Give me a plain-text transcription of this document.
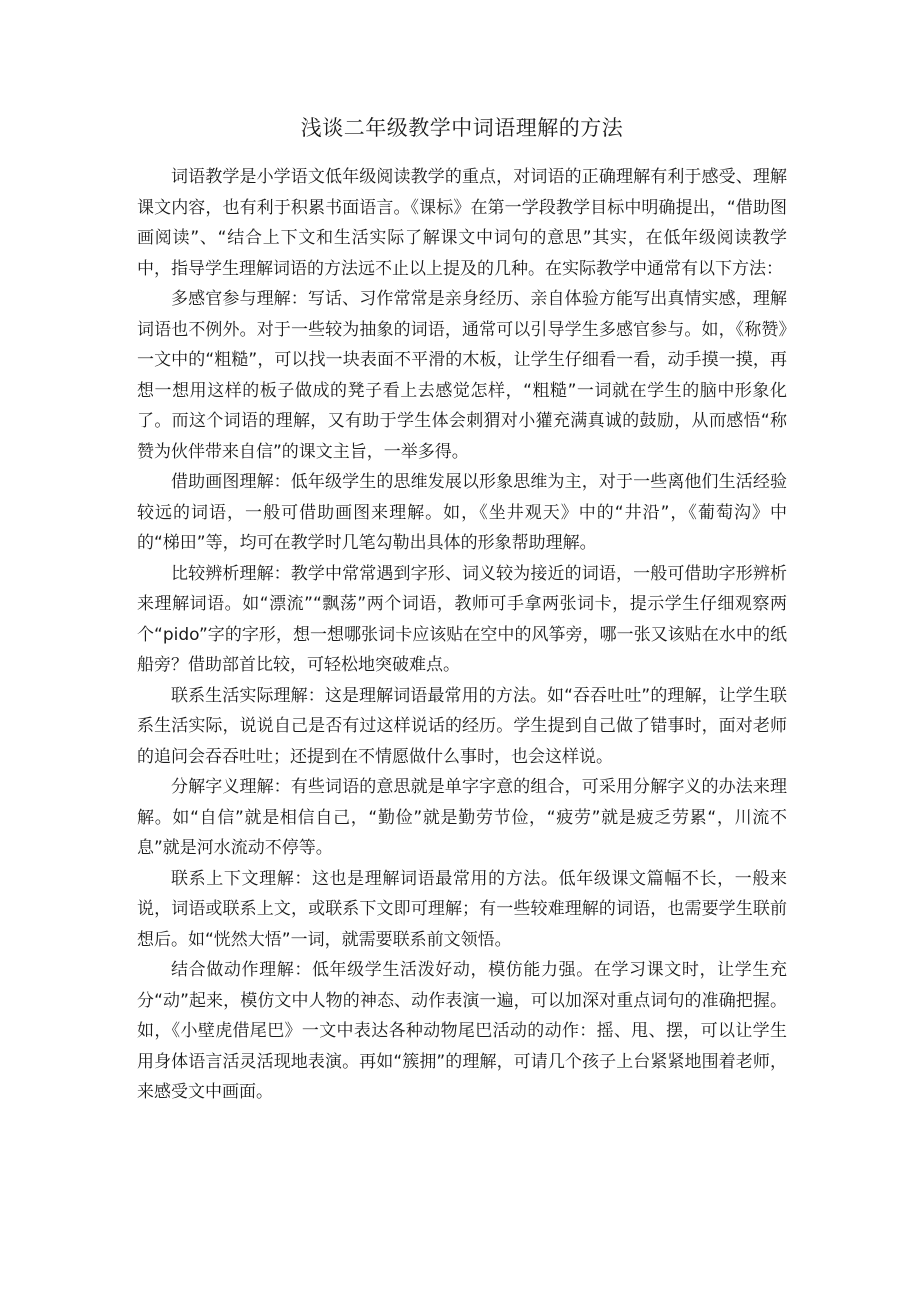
浅谈二年级教学中词语理解的方法

词语教学是小学语文低年级阅读教学的重点，对词语的正确理解有利于感受、理解课文内容，也有利于积累书面语言。《课标》在第一学段教学目标中明确提出，“借助图画阅读”、“结合上下文和生活实际了解课文中词句的意思”其实，在低年级阅读教学中，指导学生理解词语的方法远不止以上提及的几种。在实际教学中通常有以下方法：

多感官参与理解：写话、习作常常是亲身经历、亲自体验方能写出真情实感，理解词语也不例外。对于一些较为抽象的词语，通常可以引导学生多感官参与。如，《称赞》一文中的“粗糙”，可以找一块表面不平滑的木板，让学生仔细看一看，动手摸一摸，再想一想用这样的板子做成的凳子看上去感觉怎样，“粗糙”一词就在学生的脑中形象化了。而这个词语的理解，又有助于学生体会刺猬对小獾充满真诚的鼓励，从而感悟“称赞为伙伴带来自信”的课文主旨，一举多得。

借助画图理解：低年级学生的思维发展以形象思维为主，对于一些离他们生活经验较远的词语，一般可借助画图来理解。如，《坐井观天》中的“井沿”，《葡萄沟》中的“梯田”等，均可在教学时几笔勾勒出具体的形象帮助理解。

比较辨析理解：教学中常常遇到字形、词义较为接近的词语，一般可借助字形辨析来理解词语。如“漂流”“飘荡”两个词语，教师可手拿两张词卡，提示学生仔细观察两个“pido”字的字形，想一想哪张词卡应该贴在空中的风筝旁，哪一张又该贴在水中的纸船旁？借助部首比较，可轻松地突破难点。

联系生活实际理解：这是理解词语最常用的方法。如“吞吞吐吐”的理解，让学生联系生活实际，说说自己是否有过这样说话的经历。学生提到自己做了错事时，面对老师的追问会吞吞吐吐；还提到在不情愿做什么事时，也会这样说。

分解字义理解：有些词语的意思就是单字字意的组合，可采用分解字义的办法来理解。如“自信”就是相信自己，“勤俭”就是勤劳节俭，“疲劳”就是疲乏劳累“，川流不息”就是河水流动不停等。

联系上下文理解：这也是理解词语最常用的方法。低年级课文篇幅不长，一般来说，词语或联系上文，或联系下文即可理解；有一些较难理解的词语，也需要学生联前想后。如“恍然大悟”一词，就需要联系前文领悟。

结合做动作理解：低年级学生活泼好动，模仿能力强。在学习课文时，让学生充分“动”起来，模仿文中人物的神态、动作表演一遍，可以加深对重点词句的准确把握。如，《小壁虎借尾巴》一文中表达各种动物尾巴活动的动作：摇、甩、摆，可以让学生用身体语言活灵活现地表演。再如“簇拥”的理解，可请几个孩子上台紧紧地围着老师，来感受文中画面。
